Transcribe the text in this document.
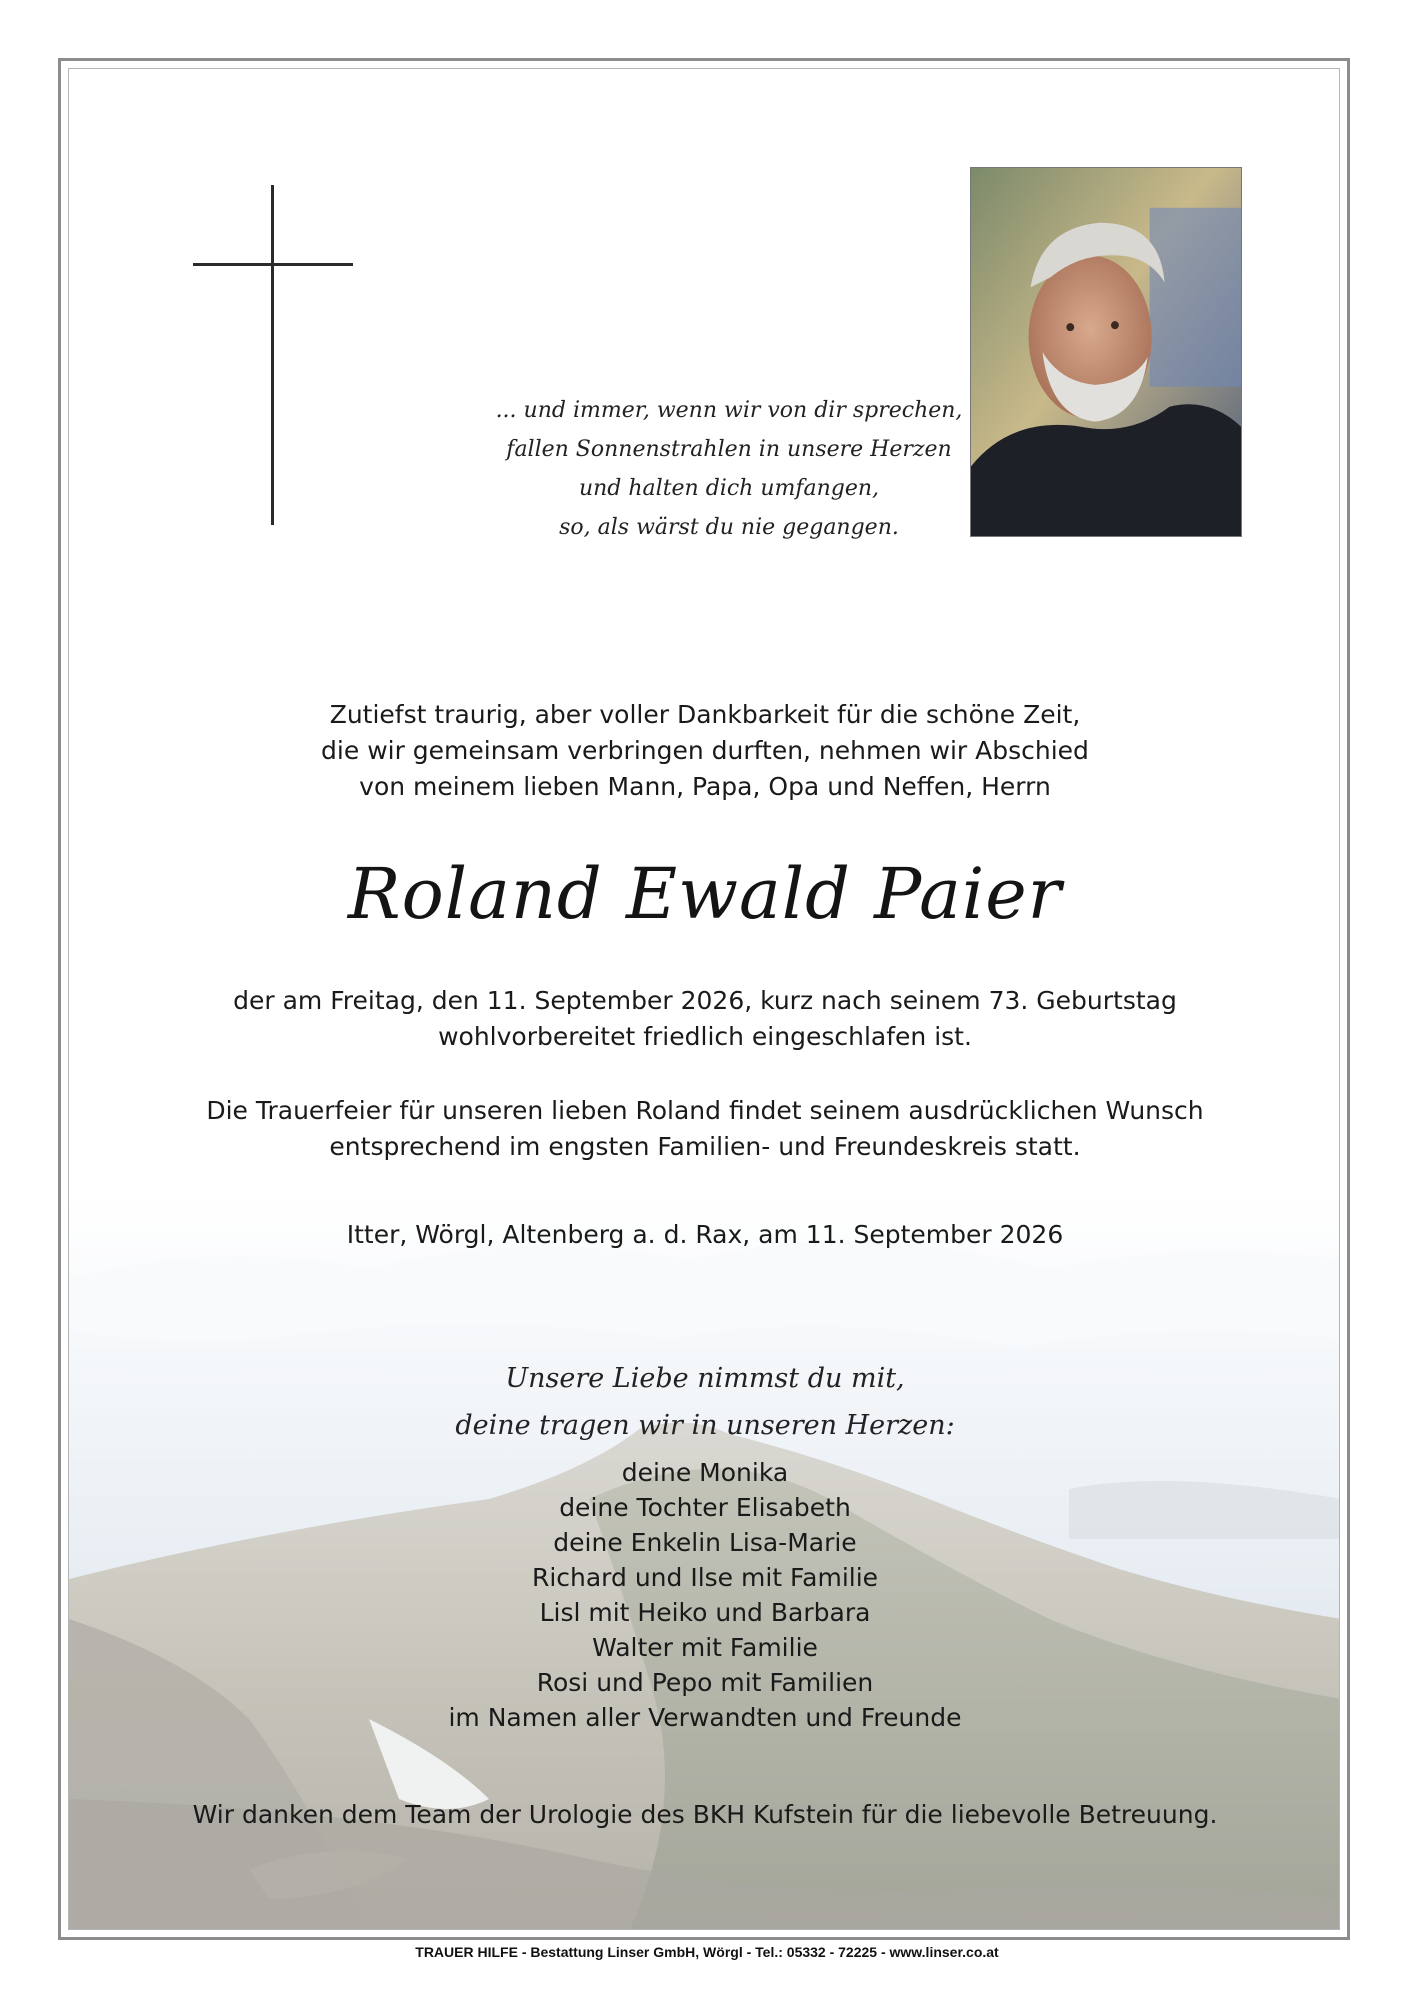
... und immer, wenn wir von dir sprechen,
fallen Sonnenstrahlen in unsere Herzen
und halten dich umfangen,
so, als wärst du nie gegangen.
Zutiefst traurig, aber voller Dankbarkeit für die schöne Zeit,
die wir gemeinsam verbringen durften, nehmen wir Abschied
von meinem lieben Mann, Papa, Opa und Neffen, Herrn
Roland Ewald Paier
der am Freitag, den 11. September 2026, kurz nach seinem 73. Geburtstag
wohlvorbereitet friedlich eingeschlafen ist.
Die Trauerfeier für unseren lieben Roland findet seinem ausdrücklichen Wunsch
entsprechend im engsten Familien- und Freundeskreis statt.
Itter, Wörgl, Altenberg a. d. Rax, am 11. September 2026
Unsere Liebe nimmst du mit,
deine tragen wir in unseren Herzen:
deine Monika
deine Tochter Elisabeth
deine Enkelin Lisa-Marie
Richard und Ilse mit Familie
Lisl mit Heiko und Barbara
Walter mit Familie
Rosi und Pepo mit Familien
im Namen aller Verwandten und Freunde
Wir danken dem Team der Urologie des BKH Kufstein für die liebevolle Betreuung.
TRAUER HILFE - Bestattung Linser GmbH, Wörgl - Tel.: 05332 - 72225 - www.linser.co.at
